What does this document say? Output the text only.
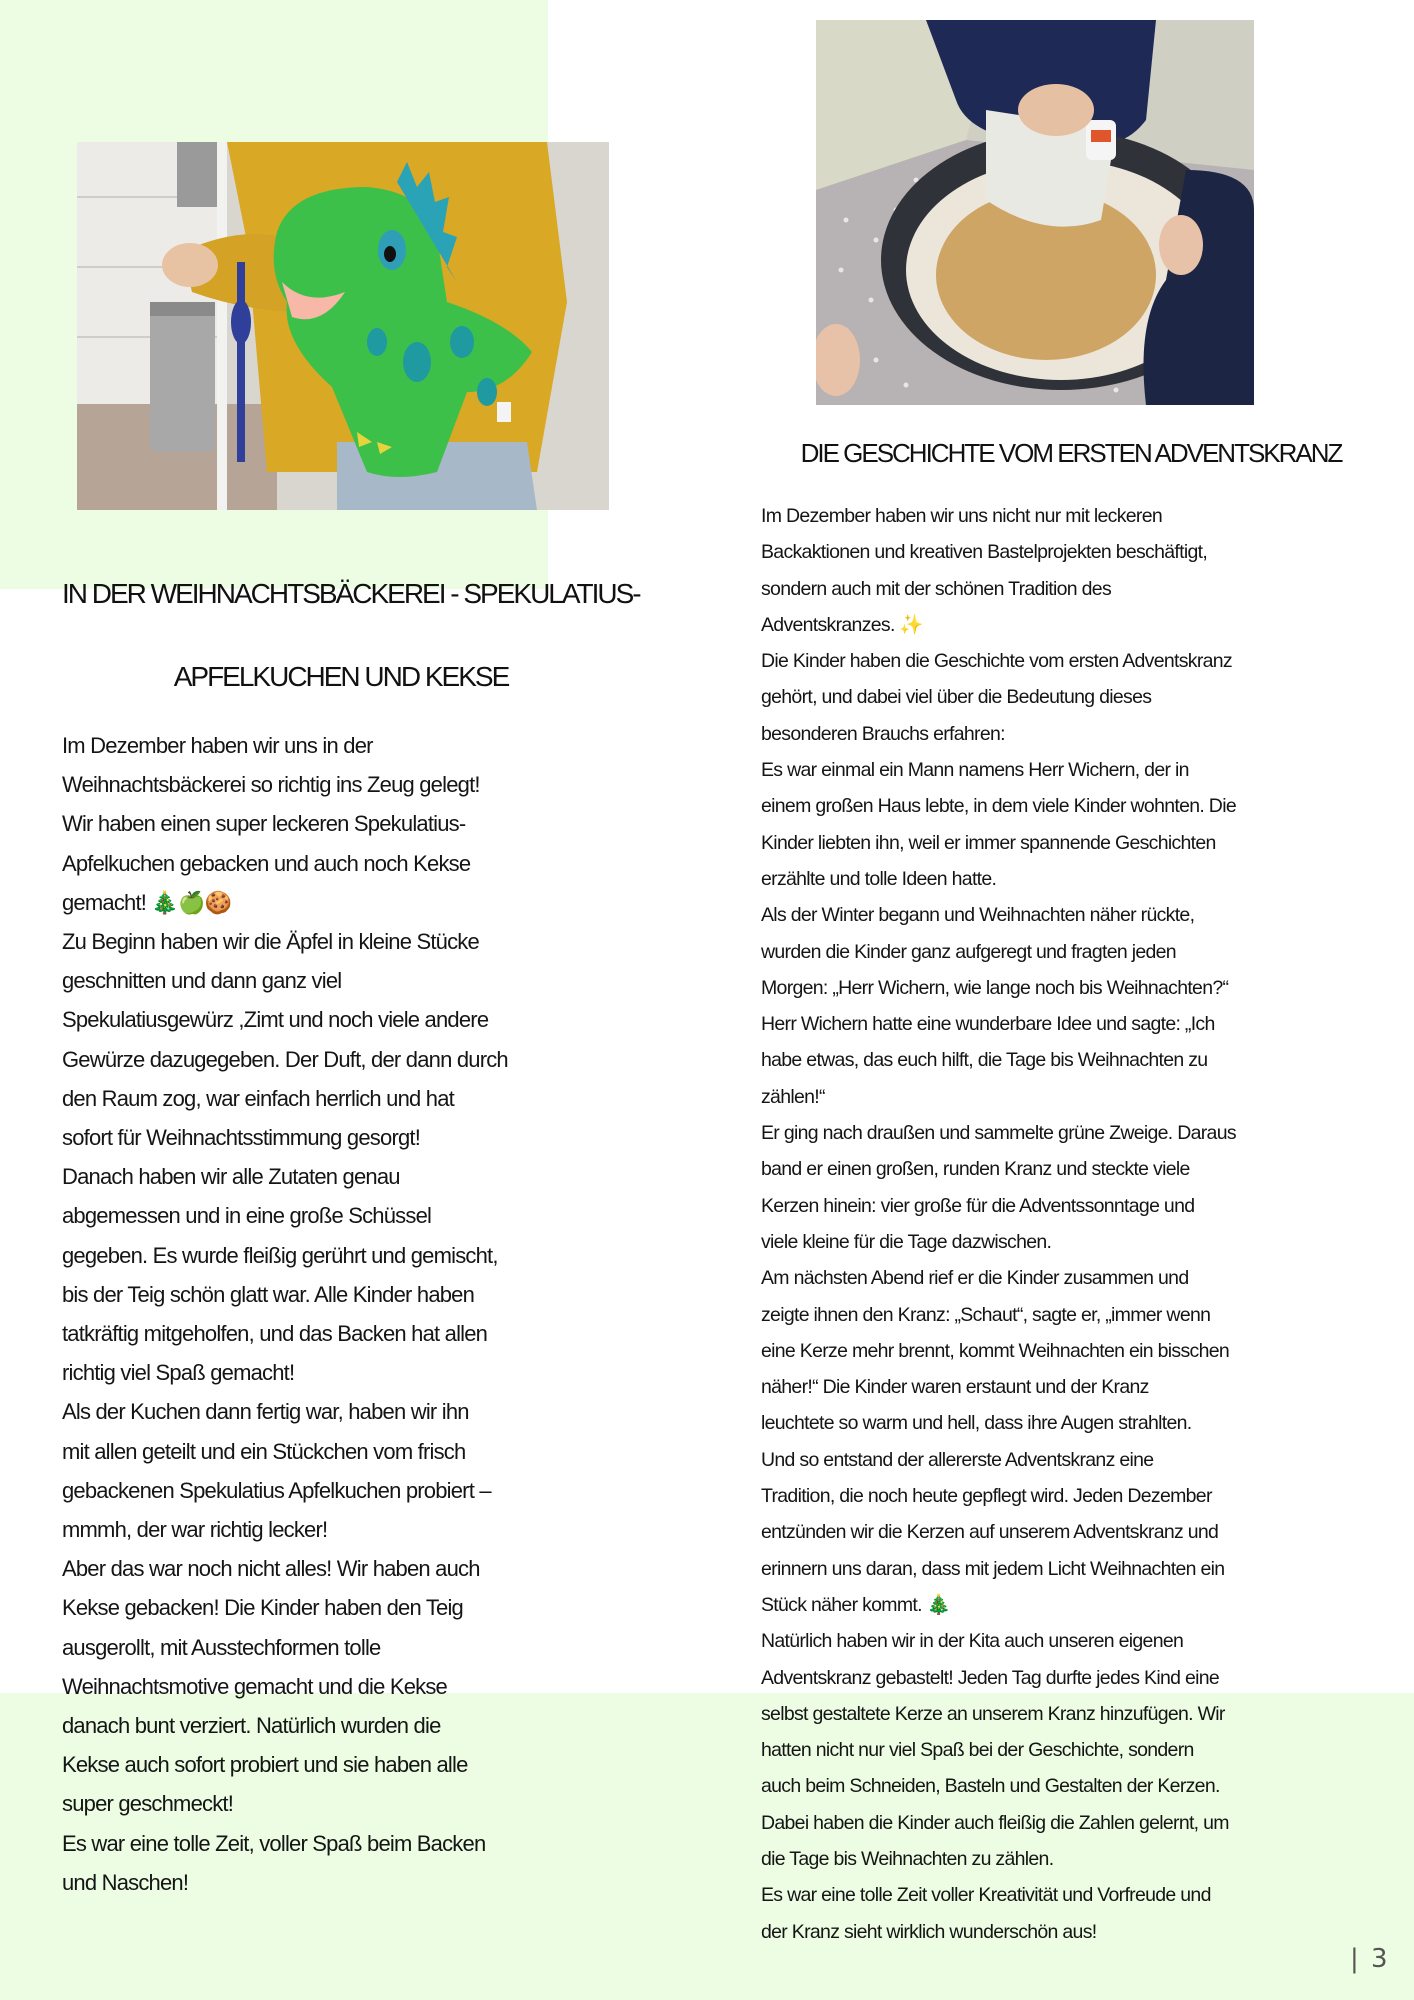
IN DER WEIHNACHTSBÄCKEREI - SPEKULATIUS-
APFELKUCHEN UND KEKSE
Im Dezember haben wir uns in der
Weihnachtsbäckerei so richtig ins Zeug gelegt!
Wir haben einen super leckeren Spekulatius-
Apfelkuchen gebacken und auch noch Kekse
gemacht! 🎄🍏🍪
Zu Beginn haben wir die Äpfel in kleine Stücke
geschnitten und dann ganz viel
Spekulatiusgewürz ,Zimt und noch viele andere
Gewürze dazugegeben. Der Duft, der dann durch
den Raum zog, war einfach herrlich und hat
sofort für Weihnachtsstimmung gesorgt!
Danach haben wir alle Zutaten genau
abgemessen und in eine große Schüssel
gegeben. Es wurde fleißig gerührt und gemischt,
bis der Teig schön glatt war. Alle Kinder haben
tatkräftig mitgeholfen, und das Backen hat allen
richtig viel Spaß gemacht!
Als der Kuchen dann fertig war, haben wir ihn
mit allen geteilt und ein Stückchen vom frisch
gebackenen Spekulatius Apfelkuchen probiert –
mmmh, der war richtig lecker!
Aber das war noch nicht alles! Wir haben auch
Kekse gebacken! Die Kinder haben den Teig
ausgerollt, mit Ausstechformen tolle
Weihnachtsmotive gemacht und die Kekse
danach bunt verziert. Natürlich wurden die
Kekse auch sofort probiert und sie haben alle
super geschmeckt!
Es war eine tolle Zeit, voller Spaß beim Backen
und Naschen!
DIE GESCHICHTE VOM ERSTEN ADVENTSKRANZ
Im Dezember haben wir uns nicht nur mit leckeren
Backaktionen und kreativen Bastelprojekten beschäftigt,
sondern auch mit der schönen Tradition des
Adventskranzes. ✨
Die Kinder haben die Geschichte vom ersten Adventskranz
gehört, und dabei viel über die Bedeutung dieses
besonderen Brauchs erfahren:
Es war einmal ein Mann namens Herr Wichern, der in
einem großen Haus lebte, in dem viele Kinder wohnten. Die
Kinder liebten ihn, weil er immer spannende Geschichten
erzählte und tolle Ideen hatte.
Als der Winter begann und Weihnachten näher rückte,
wurden die Kinder ganz aufgeregt und fragten jeden
Morgen: „Herr Wichern, wie lange noch bis Weihnachten?“
Herr Wichern hatte eine wunderbare Idee und sagte: „Ich
habe etwas, das euch hilft, die Tage bis Weihnachten zu
zählen!“
Er ging nach draußen und sammelte grüne Zweige. Daraus
band er einen großen, runden Kranz und steckte viele
Kerzen hinein: vier große für die Adventssonntage und
viele kleine für die Tage dazwischen.
Am nächsten Abend rief er die Kinder zusammen und
zeigte ihnen den Kranz: „Schaut“, sagte er, „immer wenn
eine Kerze mehr brennt, kommt Weihnachten ein bisschen
näher!“ Die Kinder waren erstaunt und der Kranz
leuchtete so warm und hell, dass ihre Augen strahlten.
Und so entstand der allererste Adventskranz eine
Tradition, die noch heute gepflegt wird. Jeden Dezember
entzünden wir die Kerzen auf unserem Adventskranz und
erinnern uns daran, dass mit jedem Licht Weihnachten ein
Stück näher kommt. 🎄
Natürlich haben wir in der Kita auch unseren eigenen
Adventskranz gebastelt! Jeden Tag durfte jedes Kind eine
selbst gestaltete Kerze an unserem Kranz hinzufügen. Wir
hatten nicht nur viel Spaß bei der Geschichte, sondern
auch beim Schneiden, Basteln und Gestalten der Kerzen.
Dabei haben die Kinder auch fleißig die Zahlen gelernt, um
die Tage bis Weihnachten zu zählen.
Es war eine tolle Zeit voller Kreativität und Vorfreude und
der Kranz sieht wirklich wunderschön aus!
| 3
